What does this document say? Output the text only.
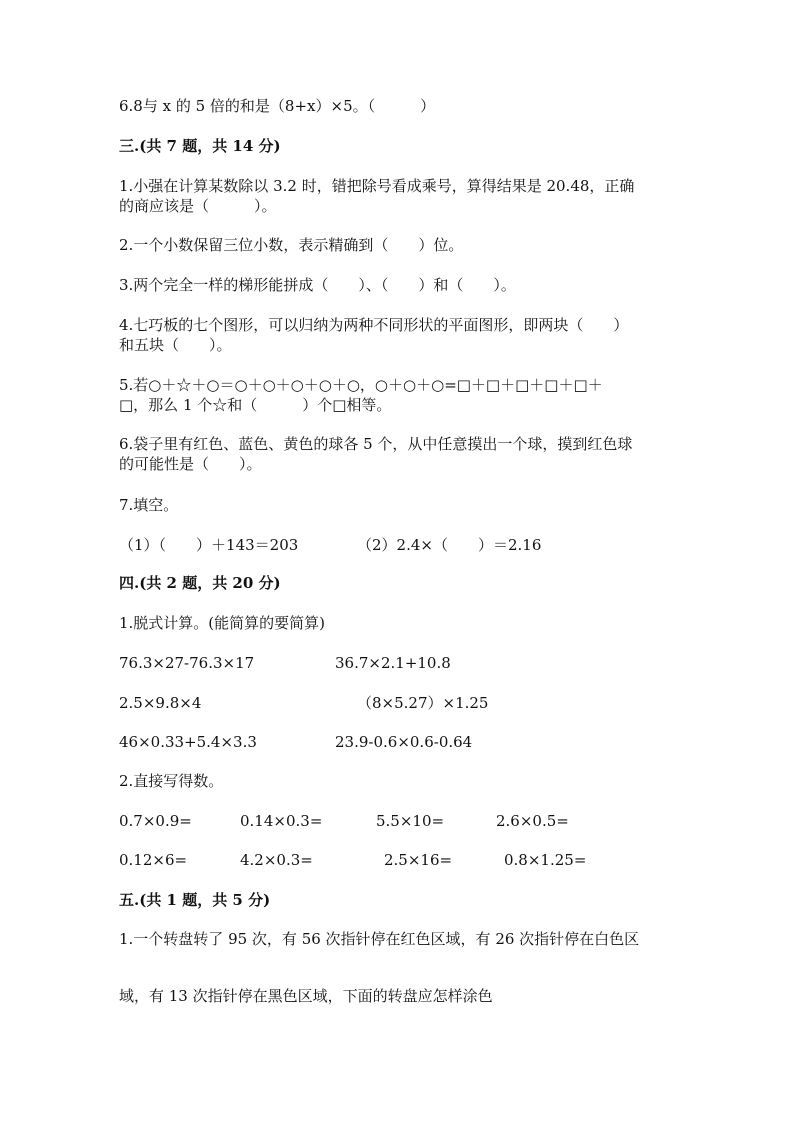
6.8与 x 的 5 倍的和是（8+x）×5。（　　　）

三.(共 7 题，共 14 分)

1.小强在计算某数除以 3.2 时，错把除号看成乘号，算得结果是 20.48，正确

的商应该是（　　　）。

2.一个小数保留三位小数，表示精确到（　　）位。

3.两个完全一样的梯形能拼成（　　）、（　　）和（　　）。

4.七巧板的七个图形，可以归纳为两种不同形状的平面图形，即两块（　　）

和五块（　　）。

5.若○＋☆＋○＝○＋○＋○＋○＋○，○＋○＋○=□＋□＋□＋□＋□＋

□，那么 1 个☆和（　　　）个□相等。

6.袋子里有红色、蓝色、黄色的球各 5 个，从中任意摸出一个球，摸到红色球

的可能性是（　　）。

7.填空。

（1）（　　）＋143＝203	（2）2.4×（　　）＝2.16

四.(共 2 题，共 20 分)

1.脱式计算。(能简算的要简算)

76.3×27-76.3×17	36.7×2.1+10.8

2.5×9.8×4	（8×5.27）×1.25

46×0.33+5.4×3.3	23.9-0.6×0.6-0.64

2.直接写得数。

0.7×0.9=	0.14×0.3=	5.5×10=	2.6×0.5=

0.12×6=	4.2×0.3=	2.5×16=	0.8×1.25=

五.(共 1 题，共 5 分)

1.一个转盘转了 95 次，有 56 次指针停在红色区域，有 26 次指针停在白色区

域，有 13 次指针停在黑色区域，下面的转盘应怎样涂色
